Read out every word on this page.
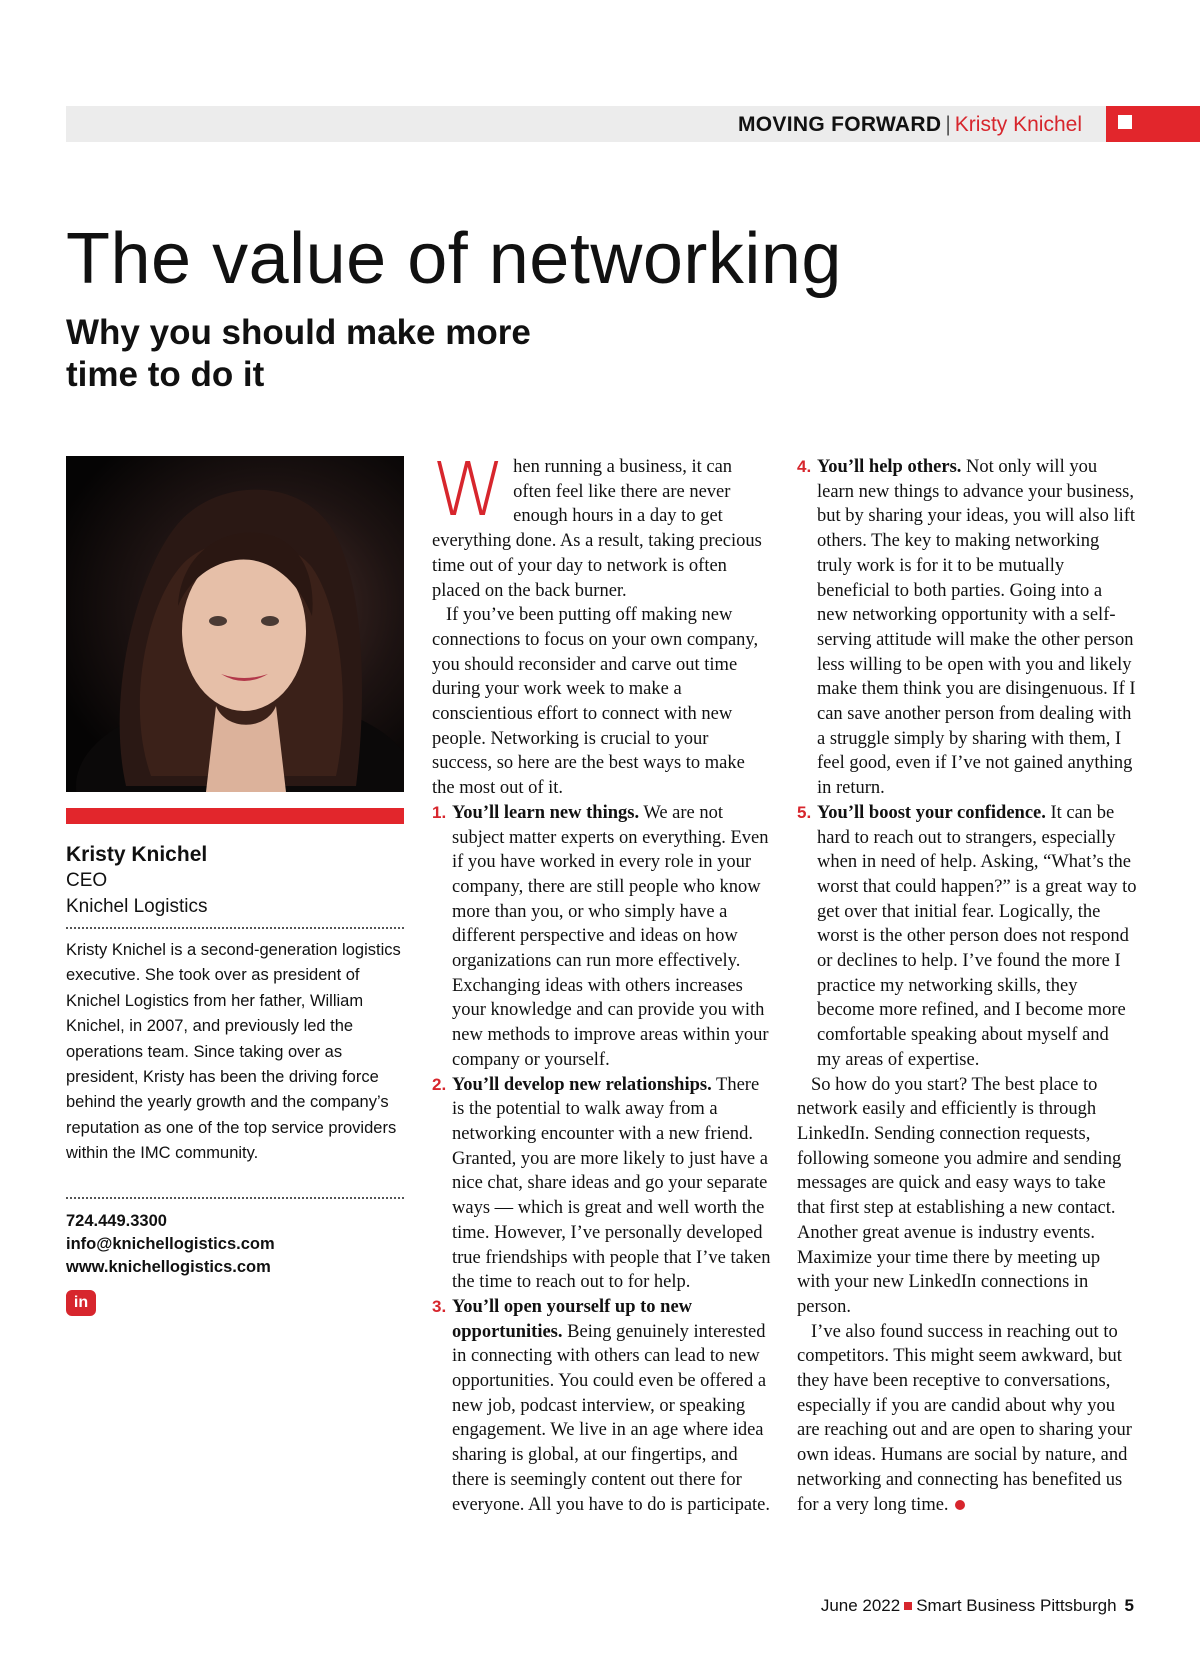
MOVING FORWARD | Kristy Knichel
The value of networking
Why you should make more time to do it
Kristy Knichel
CEO
Knichel Logistics

Kristy Knichel is a second-generation logistics executive. She took over as president of Knichel Logistics from her father, William Knichel, in 2007, and previously led the operations team. Since taking over as president, Kristy has been the driving force behind the yearly growth and the company’s reputation as one of the top service providers within the IMC community.

724.449.3300
info@knichellogistics.com
www.knichellogistics.com
in

When running a business, it can often feel like there are never enough hours in a day to get everything done. As a result, taking precious time out of your day to network is often placed on the back burner.

If you’ve been putting off making new connections to focus on your own company, you should reconsider and carve out time during your work week to make a conscientious effort to connect with new people. Networking is crucial to your success, so here are the best ways to make the most out of it.

1. You’ll learn new things. We are not subject matter experts on everything. Even if you have worked in every role in your company, there are still people who know more than you, or who simply have a different perspective and ideas on how organizations can run more effectively. Exchanging ideas with others increases your knowledge and can provide you with new methods to improve areas within your company or yourself.

2. You’ll develop new relationships. There is the potential to walk away from a networking encounter with a new friend. Granted, you are more likely to just have a nice chat, share ideas and go your separate ways — which is great and well worth the time. However, I’ve personally developed true friendships with people that I’ve taken the time to reach out to for help.

3. You’ll open yourself up to new opportunities. Being genuinely interested in connecting with others can lead to new opportunities. You could even be offered a new job, podcast interview, or speaking engagement. We live in an age where idea sharing is global, at our fingertips, and there is seemingly content out there for everyone. All you have to do is participate.

4. You’ll help others. Not only will you learn new things to advance your business, but by sharing your ideas, you will also lift others. The key to making networking truly work is for it to be mutually beneficial to both parties. Going into a new networking opportunity with a self-serving attitude will make the other person less willing to be open with you and likely make them think you are disingenuous. If I can save another person from dealing with a struggle simply by sharing with them, I feel good, even if I’ve not gained anything in return.

5. You’ll boost your confidence. It can be hard to reach out to strangers, especially when in need of help. Asking, “What’s the worst that could happen?” is a great way to get over that initial fear. Logically, the worst is the other person does not respond or declines to help. I’ve found the more I practice my networking skills, they become more refined, and I become more comfortable speaking about myself and my areas of expertise.

So how do you start? The best place to network easily and efficiently is through LinkedIn. Sending connection requests, following someone you admire and sending messages are quick and easy ways to take that first step at establishing a new contact. Another great avenue is industry events. Maximize your time there by meeting up with your new LinkedIn connections in person.

I’ve also found success in reaching out to competitors. This might seem awkward, but they have been receptive to conversations, especially if you are candid about why you are reaching out and are open to sharing your own ideas. Humans are social by nature, and networking and connecting has benefited us for a very long time.

June 2022 Smart Business Pittsburgh 5
